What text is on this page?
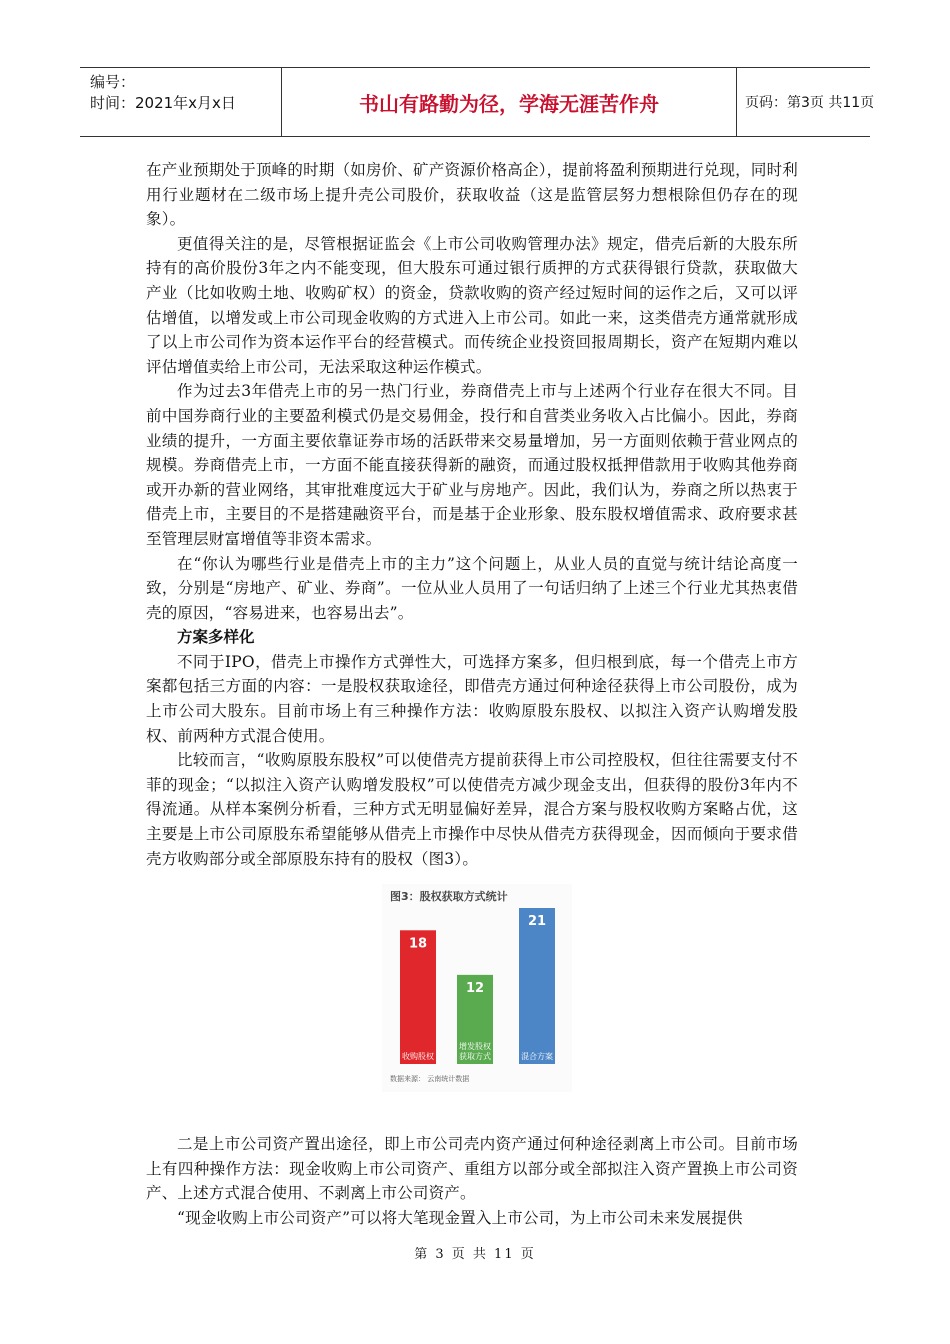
编号：
时间：2021年x月x日	书山有路勤为径，学海无涯苦作舟	页码：第3页 共11页

在产业预期处于顶峰的时期（如房价、矿产资源价格高企），提前将盈利预期进行兑现，同时利用行业题材在二级市场上提升壳公司股价，获取收益（这是监管层努力想根除但仍存在的现象）。

更值得关注的是，尽管根据证监会《上市公司收购管理办法》规定，借壳后新的大股东所持有的高价股份3年之内不能变现，但大股东可通过银行质押的方式获得银行贷款，获取做大产业（比如收购土地、收购矿权）的资金，贷款收购的资产经过短时间的运作之后，又可以评估增值，以增发或上市公司现金收购的方式进入上市公司。如此一来，这类借壳方通常就形成了以上市公司作为资本运作平台的经营模式。而传统企业投资回报周期长，资产在短期内难以评估增值卖给上市公司，无法采取这种运作模式。

作为过去3年借壳上市的另一热门行业，券商借壳上市与上述两个行业存在很大不同。目前中国券商行业的主要盈利模式仍是交易佣金，投行和自营类业务收入占比偏小。因此，券商业绩的提升，一方面主要依靠证券市场的活跃带来交易量增加，另一方面则依赖于营业网点的规模。券商借壳上市，一方面不能直接获得新的融资，而通过股权抵押借款用于收购其他券商或开办新的营业网络，其审批难度远大于矿业与房地产。因此，我们认为，券商之所以热衷于借壳上市，主要目的不是搭建融资平台，而是基于企业形象、股东股权增值需求、政府要求甚至管理层财富增值等非资本需求。

在“你认为哪些行业是借壳上市的主力”这个问题上，从业人员的直觉与统计结论高度一致，分别是“房地产、矿业、券商”。一位从业人员用了一句话归纳了上述三个行业尤其热衷借壳的原因，“容易进来，也容易出去”。

方案多样化

不同于IPO，借壳上市操作方式弹性大，可选择方案多，但归根到底，每一个借壳上市方案都包括三方面的内容：一是股权获取途径，即借壳方通过何种途径获得上市公司股份，成为上市公司大股东。目前市场上有三种操作方法：收购原股东股权、以拟注入资产认购增发股权、前两种方式混合使用。

比较而言，“收购原股东股权”可以使借壳方提前获得上市公司控股权，但往往需要支付不菲的现金；“以拟注入资产认购增发股权”可以使借壳方减少现金支出，但获得的股份3年内不得流通。从样本案例分析看，三种方式无明显偏好差异，混合方案与股权收购方案略占优，这主要是上市公司原股东希望能够从借壳上市操作中尽快从借壳方获得现金，因而倾向于要求借壳方收购部分或全部原股东持有的股权（图3）。

图3：股权获取方式统计
18
收购股权
12
增发股权
获取方式
21
混合方案
数据来源： 云南统计数据

二是上市公司资产置出途径，即上市公司壳内资产通过何种途径剥离上市公司。目前市场上有四种操作方法：现金收购上市公司资产、重组方以部分或全部拟注入资产置换上市公司资产、上述方式混合使用、不剥离上市公司资产。

“现金收购上市公司资产”可以将大笔现金置入上市公司，为上市公司未来发展提供

第 3 页 共 11 页
